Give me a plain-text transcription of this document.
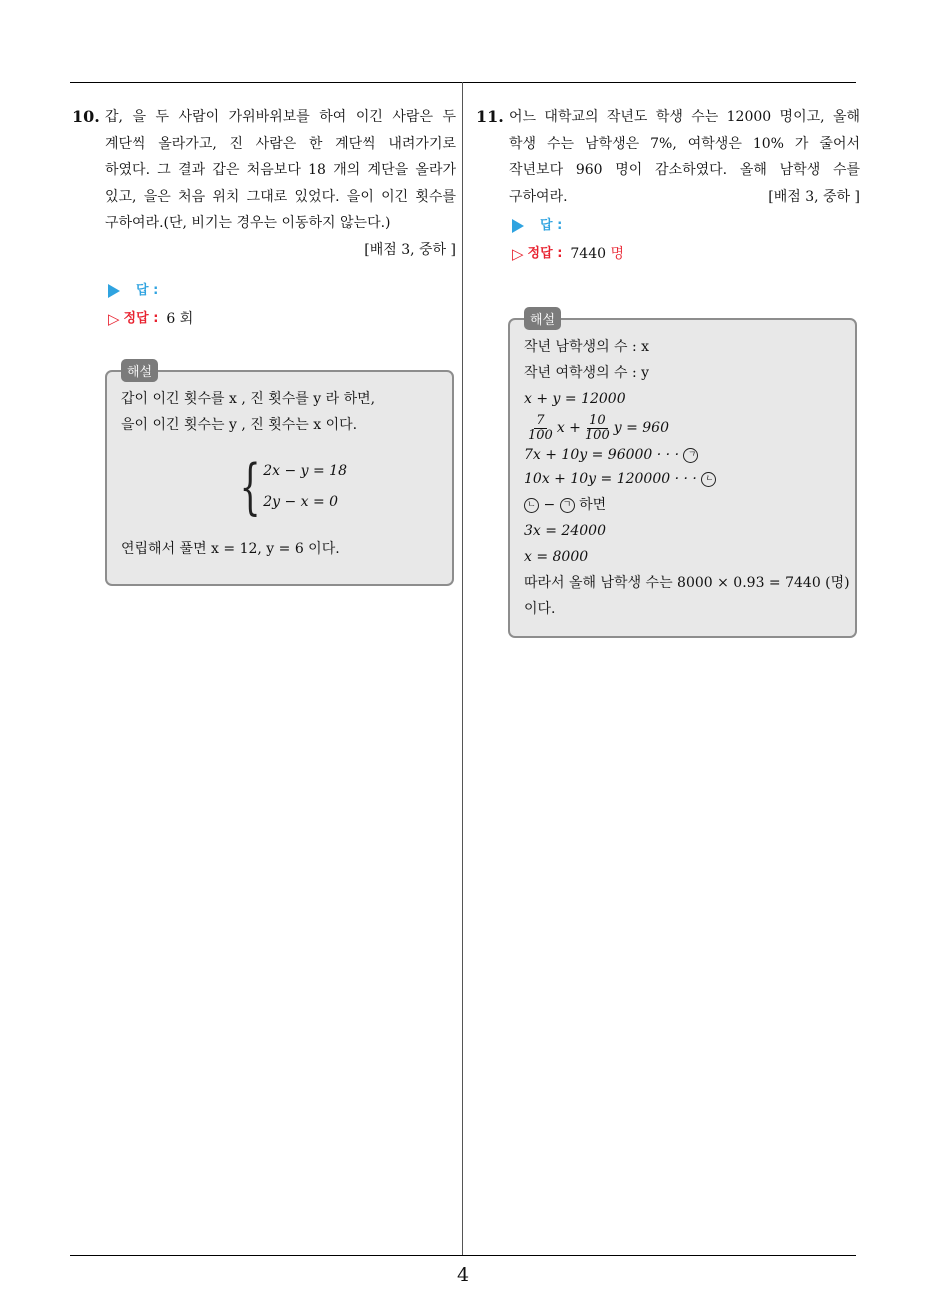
4
10. 갑, 을 두 사람이 가위바위보를 하여 이긴 사람은 두 계단씩 올라가고, 진 사람은 한 계단씩 내려가기로 하였다. 그 결과 갑은 처음보다 18 개의 계단을 올라가 있고, 을은 처음 위치 그대로 있었다. 을이 이긴 횟수를 구하여라.(단, 비기는 경우는 이동하지 않는다.)
[배점 3, 중하 ]
답 :
▷ 정답 : 6 회
해설
갑이 이긴 횟수를 x , 진 횟수를 y 라 하면,
을이 이긴 횟수는 y , 진 횟수는 x 이다.
{ 2x − y = 18
2y − x = 0
연립해서 풀면 x = 12, y = 6 이다.
11. 어느 대학교의 작년도 학생 수는 12000 명이고, 올해 학생 수는 남학생은 7%, 여학생은 10% 가 줄어서 작년보다 960 명이 감소하였다. 올해 남학생 수를 구하여라.	[배점 3, 중하 ]
답 :
▷ 정답 : 7440
명
해설
작년 남학생의 수 : x
작년 여학생의 수 : y
x + y = 12000
$\frac{7}{100}$ $x + \frac{10}{100}$ y = 960
7x + 10y = 96000 · · · ㄱ
10x + 10y = 120000 · · · ㄴ
ㄴ − ㄱ 하면
3x = 24000
x = 8000
따라서 올해 남학생 수는 8000 × 0.93 = 7440 (명)
이다.
